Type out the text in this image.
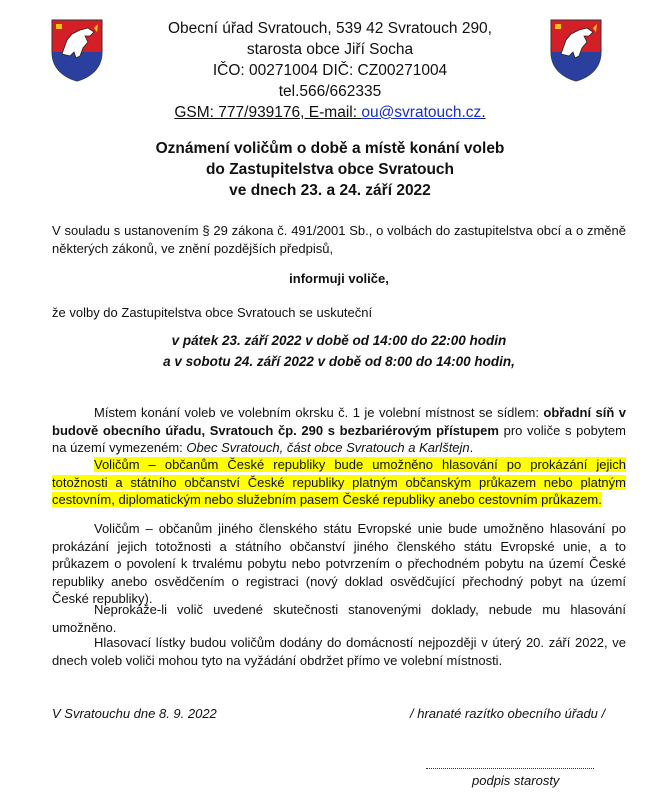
Obecní úřad Svratouch, 539 42 Svratouch 290,
starosta obce Jiří Socha
IČO: 00271004 DIČ: CZ00271004
tel.566/662335
GSM: 777/939176, E-mail: ou@svratouch.cz.
Oznámení voličům o době a místě konání voleb
do Zastupitelstva obce Svratouch
ve dnech 23. a 24. září 2022
V souladu s ustanovením § 29 zákona č. 491/2001 Sb., o volbách do zastupitelstva obcí a o změně některých zákonů, ve znění pozdějších předpisů,
informuji voliče,
že volby do Zastupitelstva obce Svratouch se uskuteční
v pátek 23. září 2022 v době od 14:00 do 22:00 hodin
a v sobotu 24. září 2022 v době od 8:00 do 14:00 hodin,
Místem konání voleb ve volebním okrsku č. 1 je volební místnost se sídlem: obřadní síň v budově obecního úřadu, Svratouch čp. 290 s bezbariérovým přístupem pro voliče s pobytem na území vymezeném: Obec Svratouch, část obce Svratouch a Karlštejn.
Voličům – občanům České republiky bude umožněno hlasování po prokázání jejich totožnosti a státního občanství České republiky platným občanským průkazem nebo platným cestovním, diplomatickým nebo služebním pasem České republiky anebo cestovním průkazem.
Voličům – občanům jiného členského státu Evropské unie bude umožněno hlasování po prokázání jejich totožnosti a státního občanství jiného členského státu Evropské unie, a to průkazem o povolení k trvalému pobytu nebo potvrzením o přechodném pobytu na území České republiky anebo osvědčením o registraci (nový doklad osvědčující přechodný pobyt na území České republiky).
Neprokáže-li volič uvedené skutečnosti stanovenými doklady, nebude mu hlasování umožněno.
Hlasovací lístky budou voličům dodány do domácností nejpozději v úterý 20. září 2022, ve dnech voleb voliči mohou tyto na vyžádání obdržet přímo ve volební místnosti.
V Svratouchu dne 8. 9. 2022	/ hranaté razítko obecního úřadu /
podpis starosty
